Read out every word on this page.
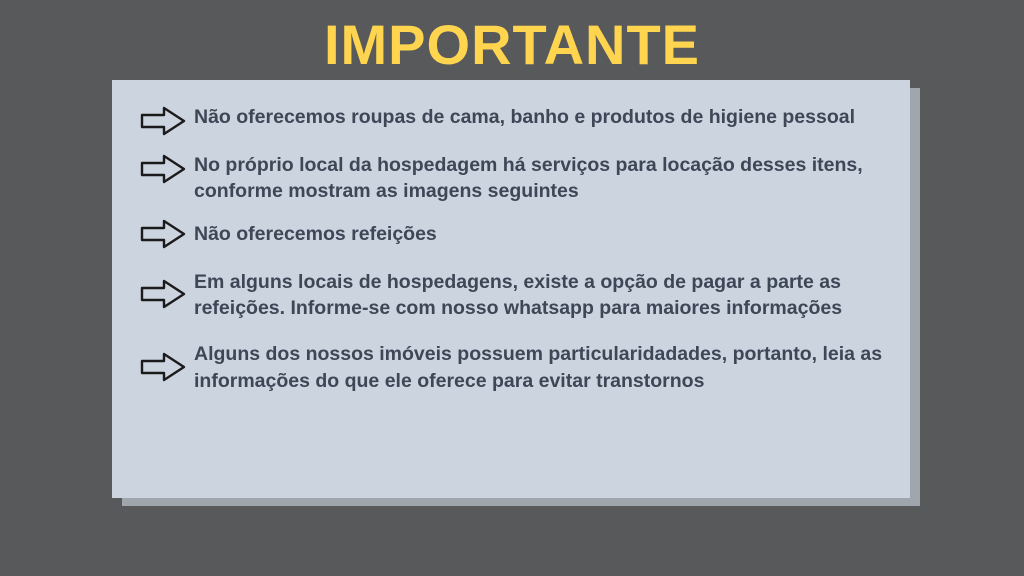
IMPORTANTE
Não oferecemos roupas de cama, banho e produtos de higiene pessoal
No próprio local da hospedagem há serviços para locação desses itens, conforme mostram as imagens seguintes
Não oferecemos refeições
Em alguns locais de hospedagens, existe a opção de pagar a parte as refeições. Informe-se com nosso whatsapp para maiores informações
Alguns dos nossos imóveis possuem particularidadades, portanto, leia as informações do que ele oferece para evitar transtornos
